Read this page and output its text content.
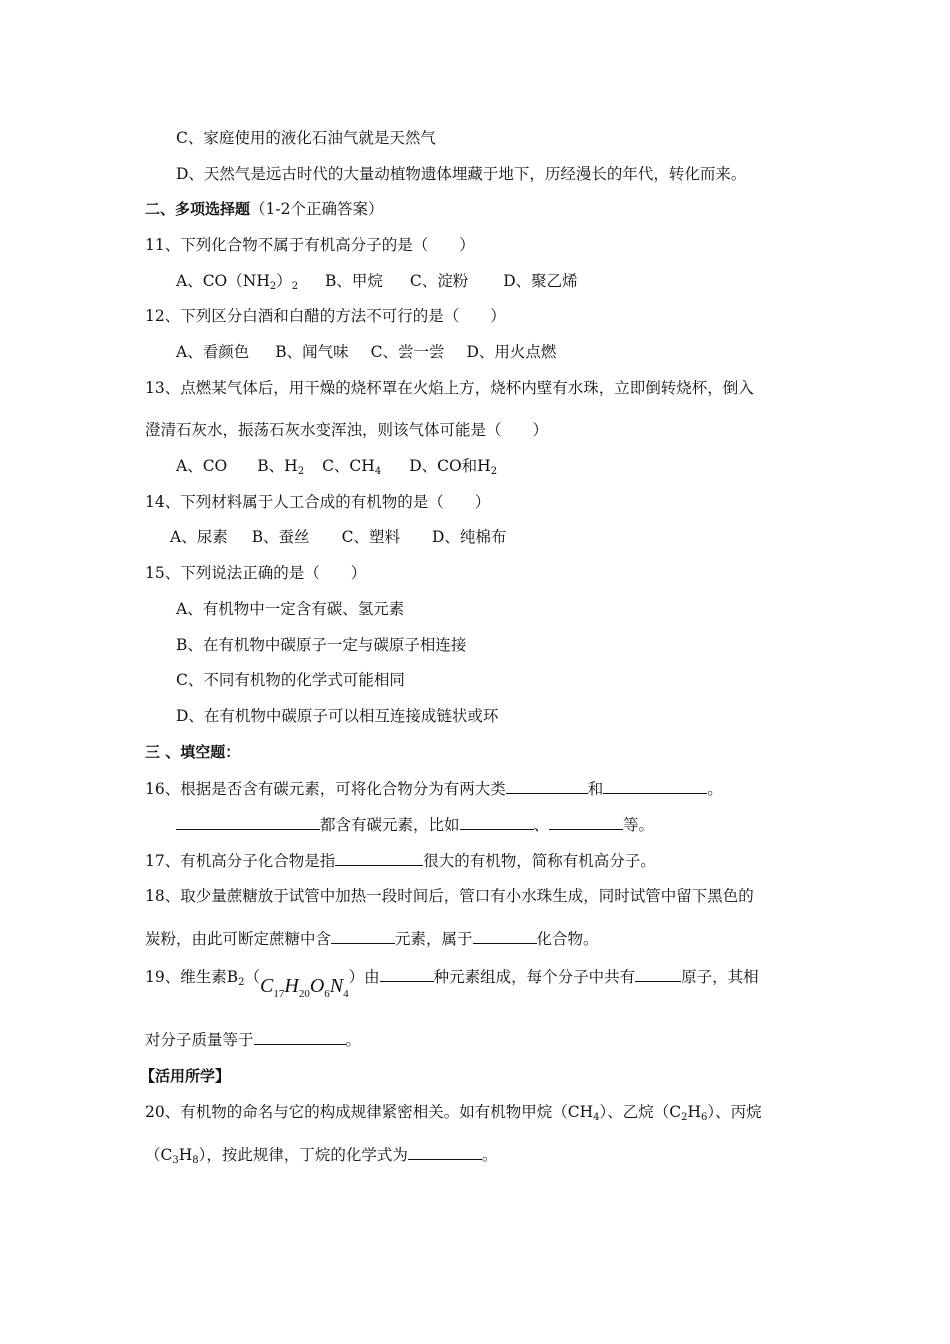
C、家庭使用的液化石油气就是天然气
D、天然气是远古时代的大量动植物遗体埋藏于地下，历经漫长的年代，转化而来。
二、多项选择题（1-2个正确答案）
11、下列化合物不属于有机高分子的是（　　）
A、$CO(NH_2)_2$ B、甲烷 C、淀粉 D、聚乙烯
12、下列区分白酒和白醋的方法不可行的是（　　）
A、看颜色 B、闻气味 C、尝一尝 D、用火点燃
13、点燃某气体后，用干燥的烧杯罩在火焰上方，烧杯内壁有水珠，立即倒转烧杯，倒入
澄清石灰水，振荡石灰水变浑浊，则该气体可能是（　　）
A、CO B、$H_2$ C、$CH_4$ D、CO和$H_2$
14、下列材料属于人工合成的有机物的是（　　）
A、尿素 B、蚕丝 C、塑料 D、纯棉布
15、下列说法正确的是（　　）
A、有机物中一定含有碳、氢元素
B、在有机物中碳原子一定与碳原子相连接
C、不同有机物的化学式可能相同
D、在有机物中碳原子可以相互连接成链状或环
三 、填空题：
16、根据是否含有碳元素，可将化合物分为有两大类	和	。
都含有碳元素，比如	、	等。
17、有机高分子化合物是指	很大的有机物，简称有机高分子。
18、取少量蔗糖放于试管中加热一段时间后，管口有小水珠生成，同时试管中留下黑色的
炭粉，由此可断定蔗糖中含	元素，属于	化合物。
19、维生素$B_2(C_{17}H_{20}O_6N_4)$由	种元素组成，每个分子中共有	原子，其相
对分子质量等于	。
【活用所学】
20、有机物的命名与它的构成规律紧密相关。如有机物甲烷$(CH_4)$、乙烷$(C_2H_6)$、丙烷
$(C_3H_8)$，按此规律，丁烷的化学式为	。
